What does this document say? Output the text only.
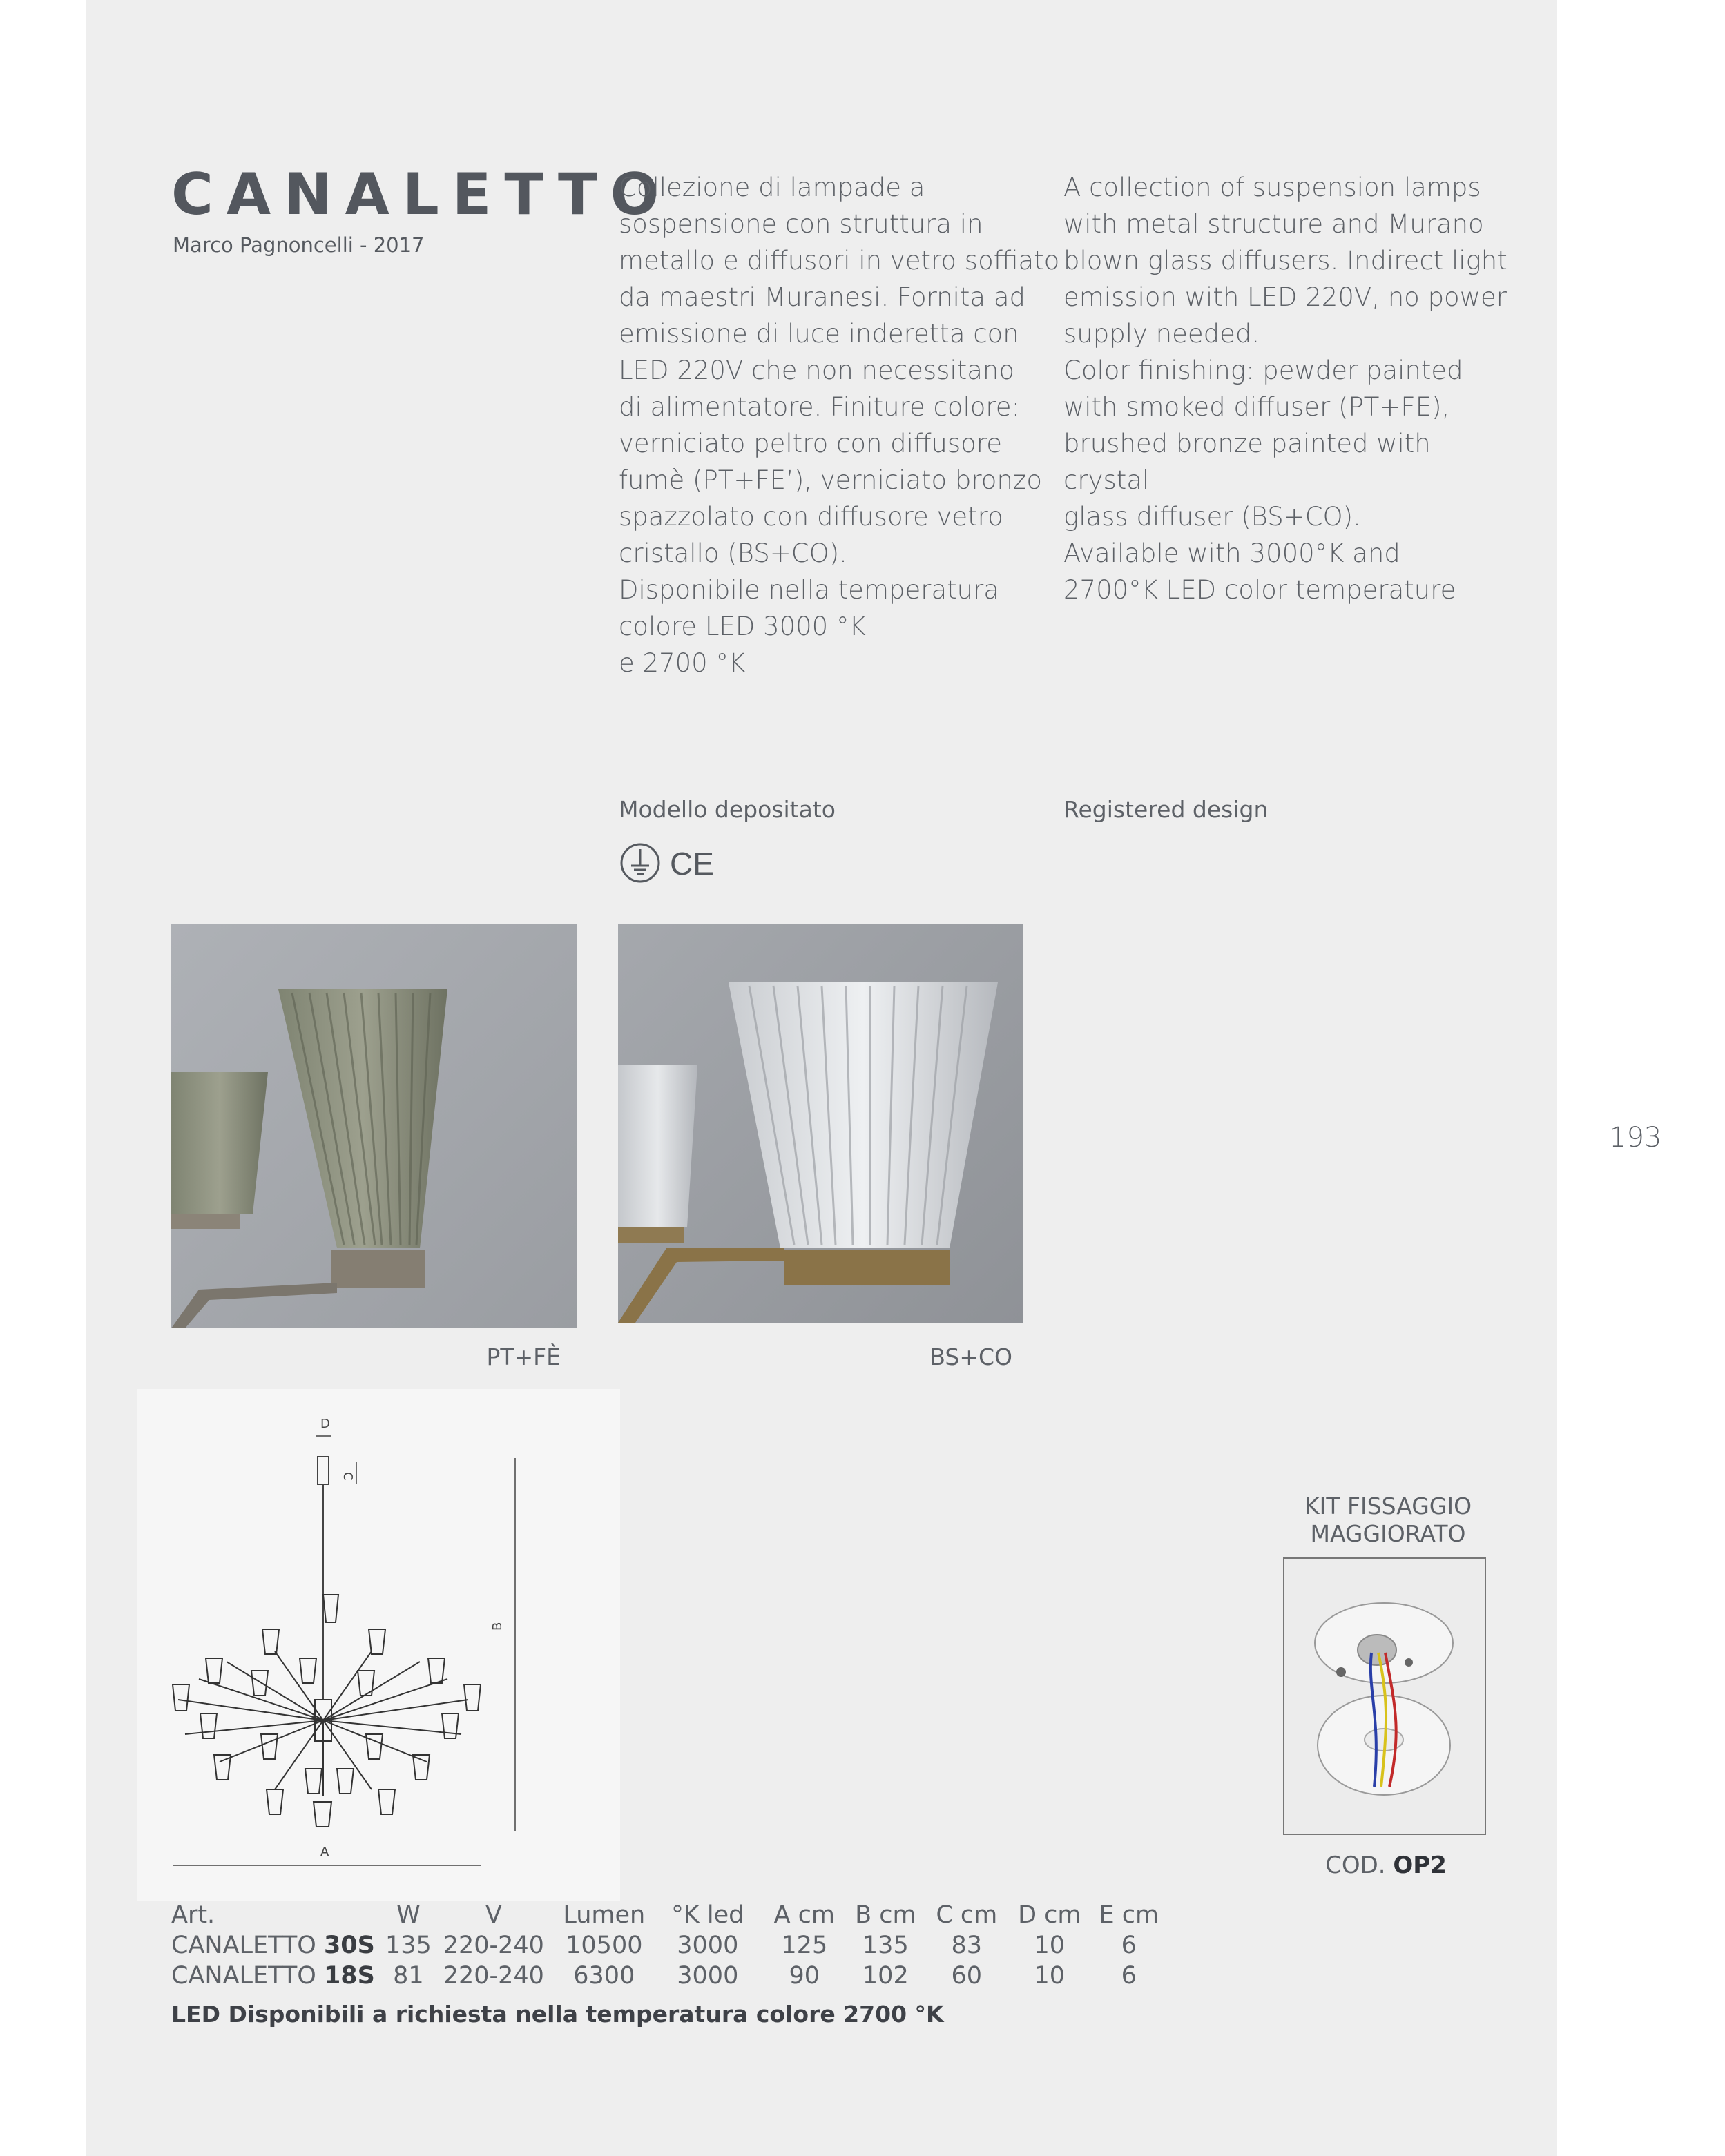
CANALETTO
Marco Pagnoncelli - 2017

Collezione di lampade a
sospensione con struttura in
metallo e diffusori in vetro soffiato
da maestri Muranesi. Fornita ad
emissione di luce inderetta con
LED 220V che non necessitano
di alimentatore. Finiture colore:
verniciato peltro con diffusore
fumè (PT+FE’), verniciato bronzo
spazzolato con diffusore vetro
cristallo (BS+CO).
Disponibile nella temperatura
colore LED 3000 °K
e 2700 °K

A collection of suspension lamps
with metal structure and Murano
blown glass diffusers. Indirect light
emission with LED 220V, no power
supply needed.
Color finishing: pewder painted
with smoked diffuser (PT+FE),
brushed bronze painted with crystal
glass diffuser (BS+CO).
Available with 3000°K and
2700°K LED color temperature

Modello depositato	Registered design
CE
PT+FÈ	BS+CO
193
D
C
B
A
KIT FISSAGGIO
MAGGIORATO
COD. OP2
Art.	W	V	Lumen	°K led	A cm	B cm	C cm	D cm	E cm
CANALETTO 30S	135	220-240	10500	3000	125	135	83	10	6
CANALETTO 18S	81	220-240	6300	3000	90	102	60	10	6
LED Disponibili a richiesta nella temperatura colore 2700 °K
